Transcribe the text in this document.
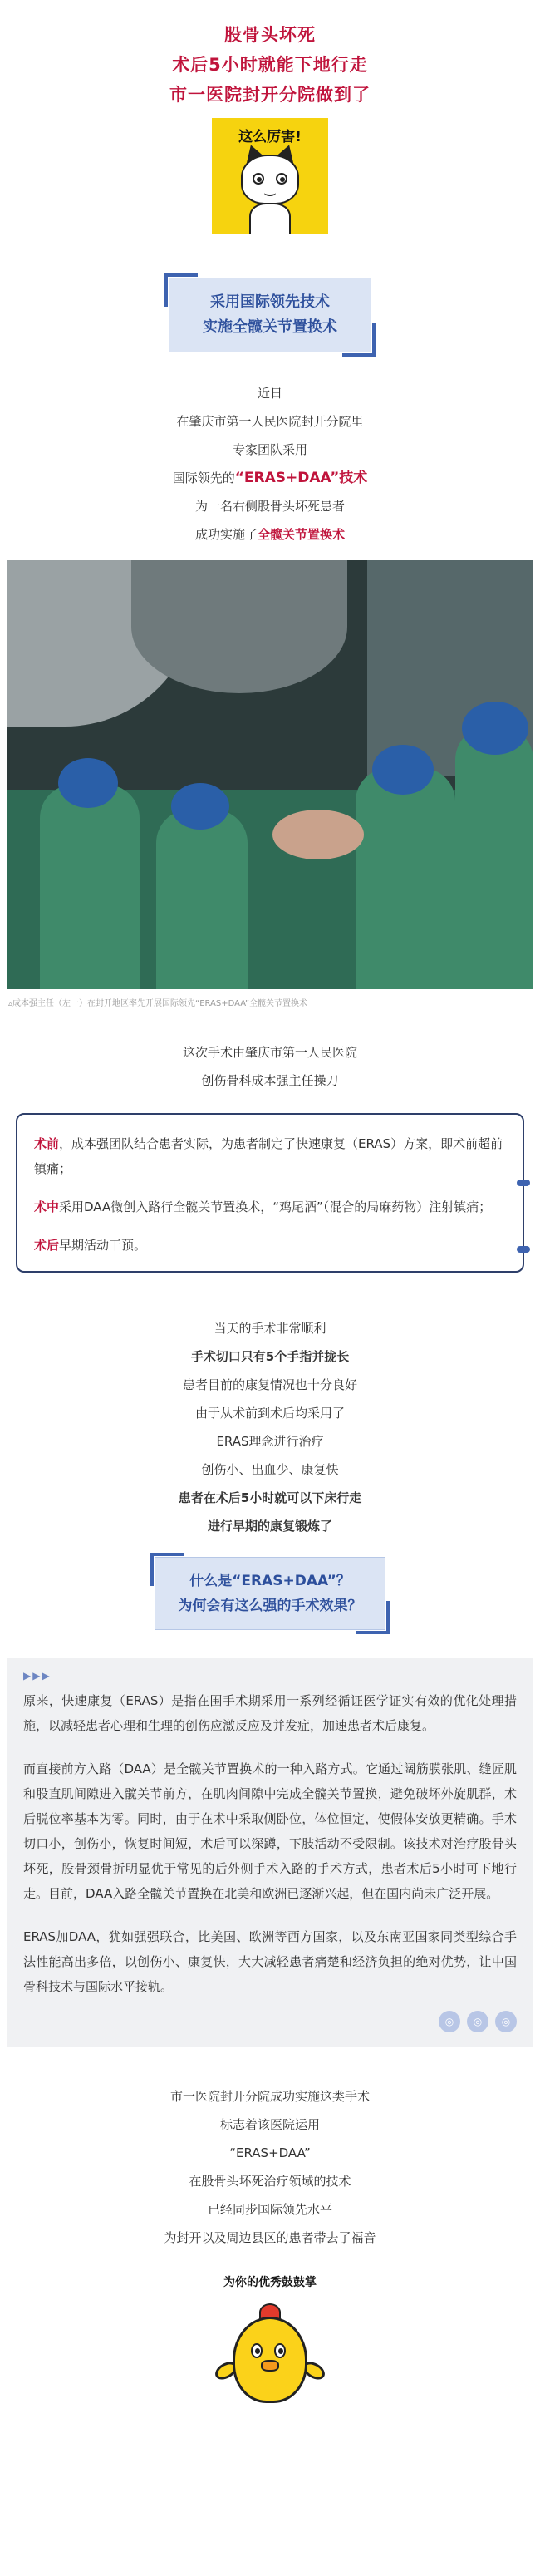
股骨头坏死
术后5小时就能下地行走
市一医院封开分院做到了
这么厉害!
采用国际领先技术
实施全髋关节置换术

近日

在肇庆市第一人民医院封开分院里

专家团队采用

国际领先的“ERAS+DAA”技术

为一名右侧股骨头坏死患者

成功实施了全髋关节置换术

▵成本强主任（左一）在封开地区率先开展国际领先“ERAS+DAA”全髋关节置换术

这次手术由肇庆市第一人民医院

创伤骨科成本强主任操刀

术前，成本强团队结合患者实际，为患者制定了快速康复（ERAS）方案，即术前超前镇痛；

术中采用DAA微创入路行全髋关节置换术，“鸡尾酒”（混合的局麻药物）注射镇痛；

术后早期活动干预。

当天的手术非常顺利

手术切口只有5个手指并拢长

患者目前的康复情况也十分良好

由于从术前到术后均采用了

ERAS理念进行治疗

创伤小、出血少、康复快

患者在术后5小时就可以下床行走

进行早期的康复锻炼了

什么是“ERAS+DAA”？
为何会有这么强的手术效果？
▶▶▶

原来，快速康复（ERAS）是指在围手术期采用一系列经循证医学证实有效的优化处理措施，以减轻患者心理和生理的创伤应激反应及并发症，加速患者术后康复。

而直接前方入路（DAA）是全髋关节置换术的一种入路方式。它通过阔筋膜张肌、缝匠肌和股直肌间隙进入髋关节前方，在肌肉间隙中完成全髋关节置换，避免破坏外旋肌群，术后脱位率基本为零。同时，由于在术中采取侧卧位，体位恒定，使假体安放更精确。手术切口小，创伤小，恢复时间短，术后可以深蹲，下肢活动不受限制。该技术对治疗股骨头坏死，股骨颈骨折明显优于常见的后外侧手术入路的手术方式，患者术后5小时可下地行走。目前，DAA入路全髋关节置换在北美和欧洲已逐渐兴起，但在国内尚未广泛开展。

ERAS加DAA，犹如强强联合，比美国、欧洲等西方国家，以及东南亚国家同类型综合手法性能高出多倍，以创伤小、康复快，大大减轻患者痛楚和经济负担的绝对优势，让中国骨科技术与国际水平接轨。

◎	◎	◎

市一医院封开分院成功实施这类手术

标志着该医院运用

“ERAS+DAA”

在股骨头坏死治疗领域的技术

已经同步国际领先水平

为封开以及周边县区的患者带去了福音

为你的优秀鼓鼓掌
